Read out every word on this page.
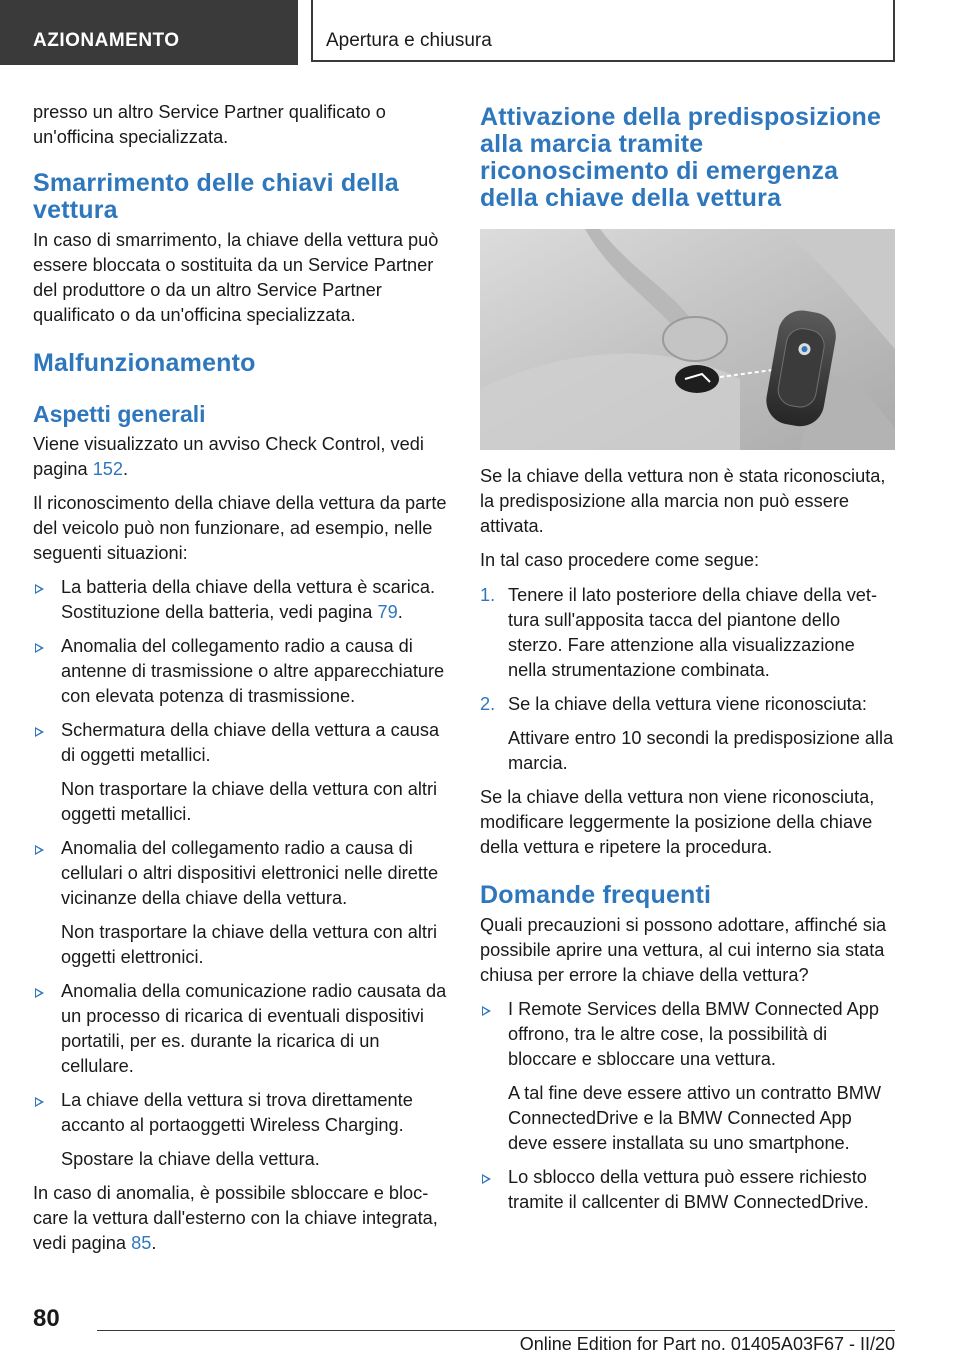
AZIONAMENTO	Apertura e chiusura

presso un altro Service Partner qualificato o un'officina specializzata.

Smarrimento delle chiavi della vettura

In caso di smarrimento, la chiave della vettura può essere bloccata o sostituita da un Service Partner del produttore o da un altro Service Partner qualificato o da un'officina specializzata.

Malfunzionamento
Aspetti generali

Viene visualizzato un avviso Check Control, vedi pagina 152.

Il riconoscimento della chiave della vettura da parte del veicolo può non funzionare, ad esempio, nelle seguenti situazioni:

La batteria della chiave della vettura è scarica. Sostituzione della batteria, vedi pagina 79.
Anomalia del collegamento radio a causa di antenne di trasmissione o altre apparecchiature con elevata potenza di trasmissione.
Schermatura della chiave della vettura a causa di oggetti metallici.
Non trasportare la chiave della vettura con altri oggetti metallici.
Anomalia del collegamento radio a causa di cellulari o altri dispositivi elettronici nelle dirette vicinanze della chiave della vettura.
Non trasportare la chiave della vettura con altri oggetti elettronici.
Anomalia della comunicazione radio causata da un processo di ricarica di eventuali dispositivi portatili, per es. durante la ricarica di un cellulare.
La chiave della vettura si trova direttamente accanto al portaoggetti Wireless Charging.
Spostare la chiave della vettura.

In caso di anomalia, è possibile sbloccare e bloccare la vettura dall'esterno con la chiave integrata, vedi pagina 85.

Attivazione della predisposizione alla marcia tramite riconoscimento di emergenza della chiave della vettura

Se la chiave della vettura non è stata riconosciuta, la predisposizione alla marcia non può essere attivata.

In tal caso procedere come segue:

1. Tenere il lato posteriore della chiave della vettura sull'apposita tacca del piantone dello sterzo. Fare attenzione alla visualizzazione nella strumentazione combinata.
2. Se la chiave della vettura viene riconosciuta:
Attivare entro 10 secondi la predisposizione alla marcia.

Se la chiave della vettura non viene riconosciuta, modificare leggermente la posizione della chiave della vettura e ripetere la procedura.

Domande frequenti

Quali precauzioni si possono adottare, affinché sia possibile aprire una vettura, al cui interno sia stata chiusa per errore la chiave della vettura?

I Remote Services della BMW Connected App offrono, tra le altre cose, la possibilità di bloccare e sbloccare una vettura.
A tal fine deve essere attivo un contratto BMW ConnectedDrive e la BMW Connected App deve essere installata su uno smartphone.
Lo sblocco della vettura può essere richiesto tramite il callcenter di BMW ConnectedDrive.
80
Online Edition for Part no. 01405A03F67 - II/20
